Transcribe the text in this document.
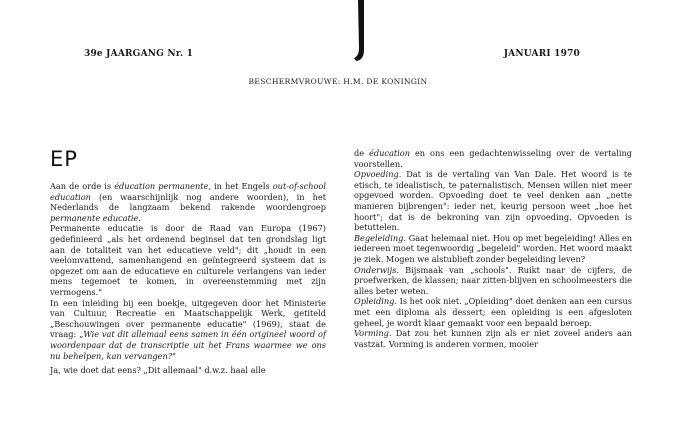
39e JAARGANG Nr. 1	JANUARI 1970
BESCHERMVROUWE: H.M. DE KONINGIN
EP

Aan de orde is éducation permanente, in het Engels out-of-school education (en waarschijnlijk nog andere woorden), in het Nederlands de langzaam bekend rakende woordengroep permanente educatie.

Permanente educatie is door de Raad van Europa (1967) gedefinieerd „als het ordenend beginsel dat ten grondslag ligt aan de totaliteit van het educatieve veld"; dit „houdt in een veelomvattend, samenhangend en geïntegreerd systeem dat is opgezet om aan de educatieve en culturele verlangens van ieder mens tegemoet te komen, in overeenstemming met zijn vermogens."

In een inleiding bij een boekje, uitgegeven door het Ministerie van Cultuur, Recreatie en Maatschappelijk Werk, getiteld „Beschouwingen over permanente educatie" (1969), staat de vraag: „Wie vat dit allemaal eens samen in één origineel woord of woordenpaar dat de transcriptie uit het Frans waarmee we ons nu behelpen, kan vervangen?"

Ja, wie doet dat eens? „Dit allemaal" d.w.z. haal alle

de éducation en ons een gedachtenwisseling over de vertaling voorstellen.

Opvoeding. Dat is de vertaling van Van Dale. Het woord is te etisch, te idealistisch, te paternalistisch. Mensen willen niet meer opgevoed worden. Opvoeding doet te veel denken aan „nette manieren bijbrengen": ieder net, keurig persoon weet „hoe het hoort"; dat is de bekroning van zijn opvoeding. Opvoeden is betuttelen.

Begeleiding. Gaat helemaal niet. Hou op met begeleiding! Alles en iedereen moet tegenwoordig „begeleid" worden. Het woord maakt je ziek. Mogen we alstublieft zonder begeleiding leven?

Onderwijs. Bijsmaak van „schools". Ruikt naar de cijfers, de proefwerken, de klassen; naar zitten-blijven en schoolmeesters die alles beter weten.

Opleiding. Is het ook niet. „Opleiding" doet denken aan een cursus met een diploma als dessert; een opleiding is een afgesloten geheel, je wordt klaar gemaakt voor een bepaald beroep.

Vorming. Dat zou het kunnen zijn als er niet zoveel anders aan vastzat. Vorming is anderen vormen, mooier
